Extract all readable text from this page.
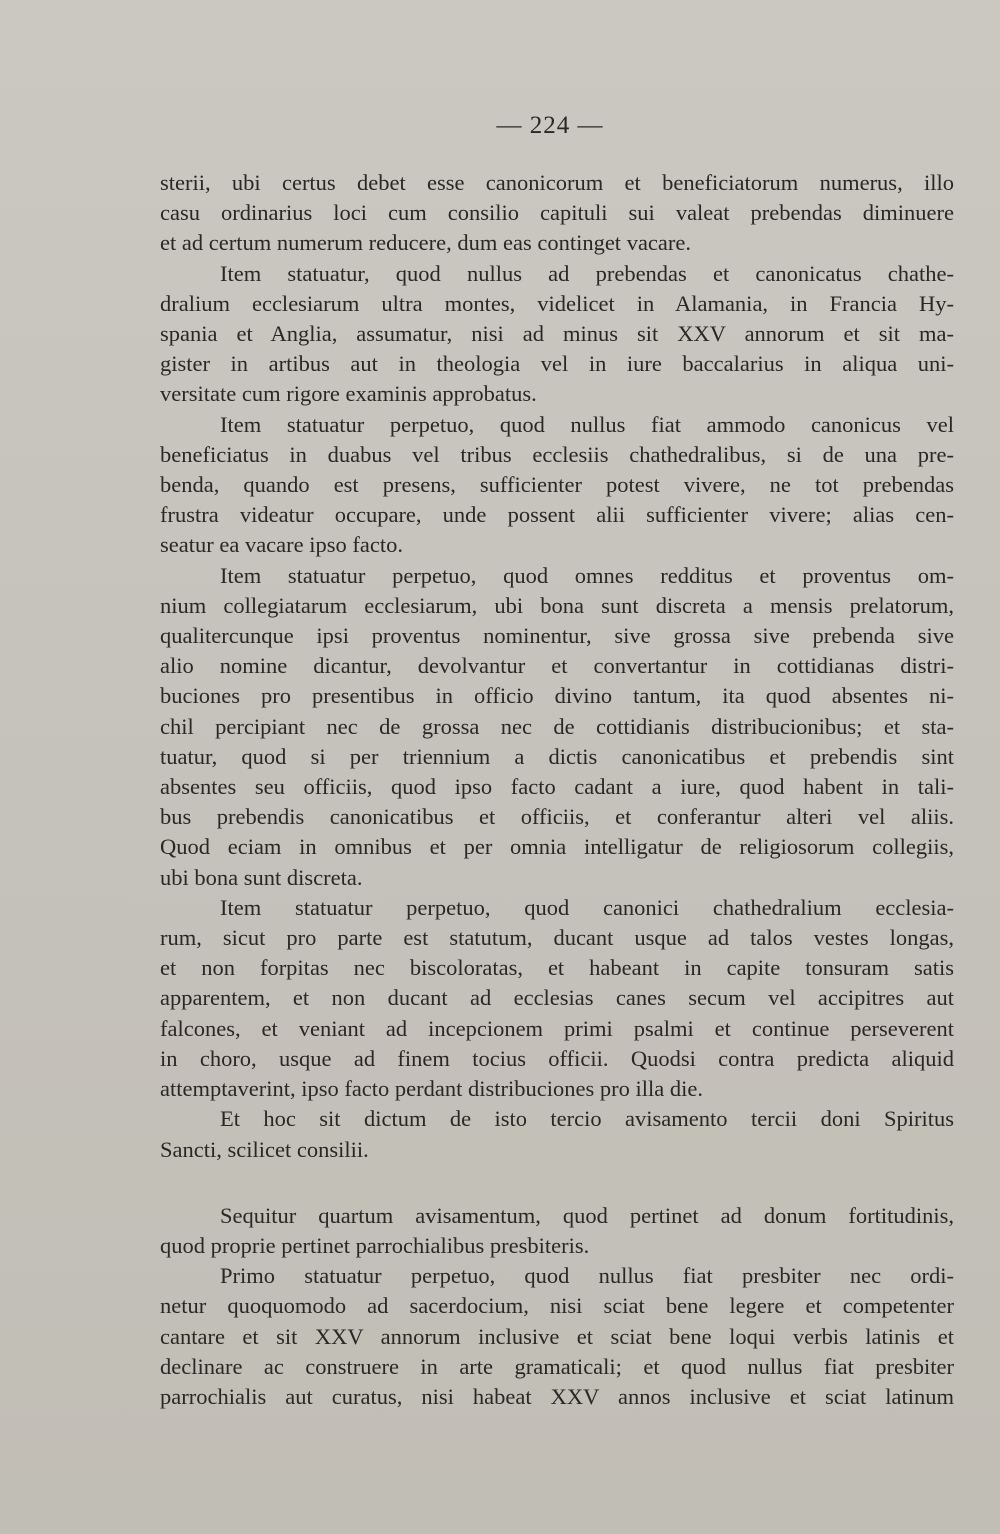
— 224 —
sterii, ubi certus debet esse canonicorum et beneficiatorum numerus, illo
casu ordinarius loci cum consilio capituli sui valeat prebendas diminuere
et ad certum numerum reducere, dum eas continget vacare.
Item statuatur, quod nullus ad prebendas et canonicatus chathe-
dralium ecclesiarum ultra montes, videlicet in Alamania, in Francia Hy-
spania et Anglia, assumatur, nisi ad minus sit XXV annorum et sit ma-
gister in artibus aut in theologia vel in iure baccalarius in aliqua uni-
versitate cum rigore examinis approbatus.
Item statuatur perpetuo, quod nullus fiat ammodo canonicus vel
beneficiatus in duabus vel tribus ecclesiis chathedralibus, si de una pre-
benda, quando est presens, sufficienter potest vivere, ne tot prebendas
frustra videatur occupare, unde possent alii sufficienter vivere; alias cen-
seatur ea vacare ipso facto.
Item statuatur perpetuo, quod omnes redditus et proventus om-
nium collegiatarum ecclesiarum, ubi bona sunt discreta a mensis prelatorum,
qualitercunque ipsi proventus nominentur, sive grossa sive prebenda sive
alio nomine dicantur, devolvantur et convertantur in cottidianas distri-
buciones pro presentibus in officio divino tantum, ita quod absentes ni-
chil percipiant nec de grossa nec de cottidianis distribucionibus; et sta-
tuatur, quod si per triennium a dictis canonicatibus et prebendis sint
absentes seu officiis, quod ipso facto cadant a iure, quod habent in tali-
bus prebendis canonicatibus et officiis, et conferantur alteri vel aliis.
Quod eciam in omnibus et per omnia intelligatur de religiosorum collegiis,
ubi bona sunt discreta.
Item statuatur perpetuo, quod canonici chathedralium ecclesia-
rum, sicut pro parte est statutum, ducant usque ad talos vestes longas,
et non forpitas nec biscoloratas, et habeant in capite tonsuram satis
apparentem, et non ducant ad ecclesias canes secum vel accipitres aut
falcones, et veniant ad incepcionem primi psalmi et continue perseverent
in choro, usque ad finem tocius officii. Quodsi contra predicta aliquid
attemptaverint, ipso facto perdant distribuciones pro illa die.
Et hoc sit dictum de isto tercio avisamento tercii doni Spiritus
Sancti, scilicet consilii.
Sequitur quartum avisamentum, quod pertinet ad donum fortitudinis,
quod proprie pertinet parrochialibus presbiteris.
Primo statuatur perpetuo, quod nullus fiat presbiter nec ordi-
netur quoquomodo ad sacerdocium, nisi sciat bene legere et competenter
cantare et sit XXV annorum inclusive et sciat bene loqui verbis latinis et
declinare ac construere in arte gramaticali; et quod nullus fiat presbiter
parrochialis aut curatus, nisi habeat XXV annos inclusive et sciat latinum
